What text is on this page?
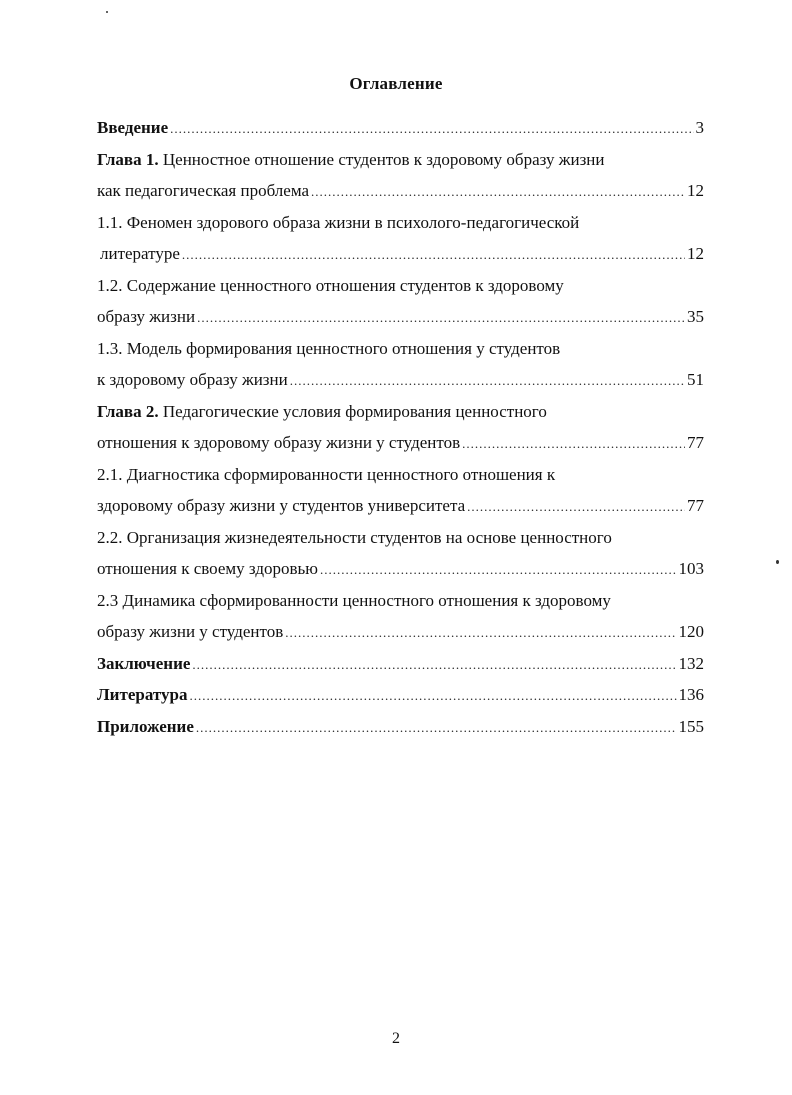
Оглавление
Введение .....	3
Глава 1. Ценностное отношение студентов к здоровому образу жизни
как педагогическая проблема .....	12
1.1. Феномен здорового образа жизни в психолого-педагогической
литературе .....	12
1.2. Содержание ценностного отношения студентов к здоровому
образу жизни .....	35
1.3. Модель формирования ценностного отношения у студентов
к здоровому образу жизни .....	51
Глава 2. Педагогические условия формирования ценностного
отношения к здоровому образу жизни у студентов .....	77
2.1. Диагностика сформированности ценностного отношения к
здоровому образу жизни у студентов университета .....	77
2.2. Организация жизнедеятельности студентов на основе ценностного
отношения к своему здоровью .....	103
2.3 Динамика сформированности ценностного отношения к здоровому
образу жизни у студентов .....	120
Заключение .....	132
Литература .....	136
Приложение .....	155
2
